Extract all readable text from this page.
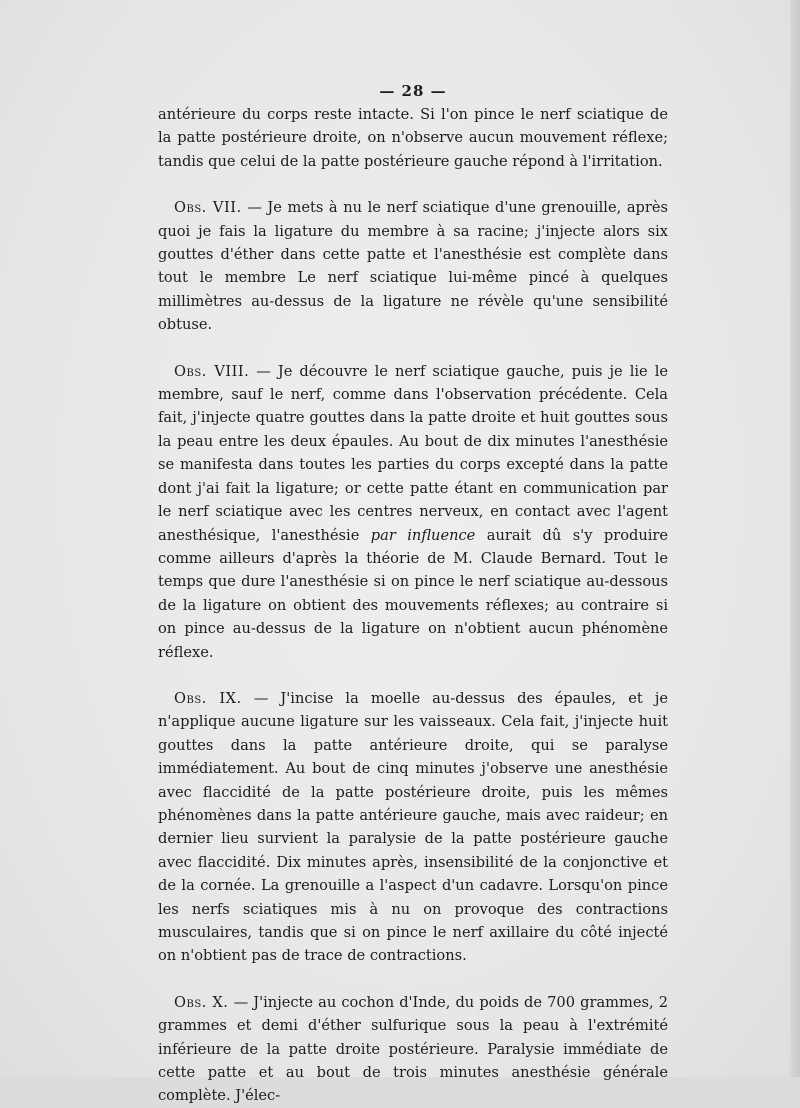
— 28 —

antérieure du corps reste intacte. Si l'on pince le nerf sciatique de la patte postérieure droite, on n'observe aucun mouvement réflexe; tandis que celui de la patte postérieure gauche répond à l'irritation.

Obs. VII. — Je mets à nu le nerf sciatique d'une grenouille, après quoi je fais la ligature du membre à sa racine; j'injecte alors six gouttes d'éther dans cette patte et l'anesthésie est complète dans tout le membre Le nerf sciatique lui-même pincé à quelques millimètres au-dessus de la ligature ne révèle qu'une sensibilité obtuse.

Obs. VIII. — Je découvre le nerf sciatique gauche, puis je lie le membre, sauf le nerf, comme dans l'observation précédente. Cela fait, j'injecte quatre gouttes dans la patte droite et huit gouttes sous la peau entre les deux épaules. Au bout de dix minutes l'anesthésie se manifesta dans toutes les parties du corps excepté dans la patte dont j'ai fait la ligature; or cette patte étant en communication par le nerf sciatique avec les centres nerveux, en contact avec l'agent anesthésique, l'anesthésie par influence aurait dû s'y produire comme ailleurs d'après la théorie de M. Claude Bernard. Tout le temps que dure l'anesthésie si on pince le nerf sciatique au-dessous de la ligature on obtient des mouvements réflexes; au contraire si on pince au-dessus de la ligature on n'obtient aucun phénomène réflexe.

Obs. IX. — J'incise la moelle au-dessus des épaules, et je n'applique aucune ligature sur les vaisseaux. Cela fait, j'injecte huit gouttes dans la patte antérieure droite, qui se paralyse immédiatement. Au bout de cinq minutes j'observe une anesthésie avec flaccidité de la patte postérieure droite, puis les mêmes phénomènes dans la patte antérieure gauche, mais avec raideur; en dernier lieu survient la paralysie de la patte postérieure gauche avec flaccidité. Dix minutes après, insensibilité de la conjonctive et de la cornée. La grenouille a l'aspect d'un cadavre. Lorsqu'on pince les nerfs sciatiques mis à nu on provoque des contractions musculaires, tandis que si on pince le nerf axillaire du côté injecté on n'obtient pas de trace de contractions.

Obs. X. — J'injecte au cochon d'Inde, du poids de 700 grammes, 2 grammes et demi d'éther sulfurique sous la peau à l'extrémité inférieure de la patte droite postérieure. Paralysie immédiate de cette patte et au bout de trois minutes anesthésie générale complète. J'élec-
